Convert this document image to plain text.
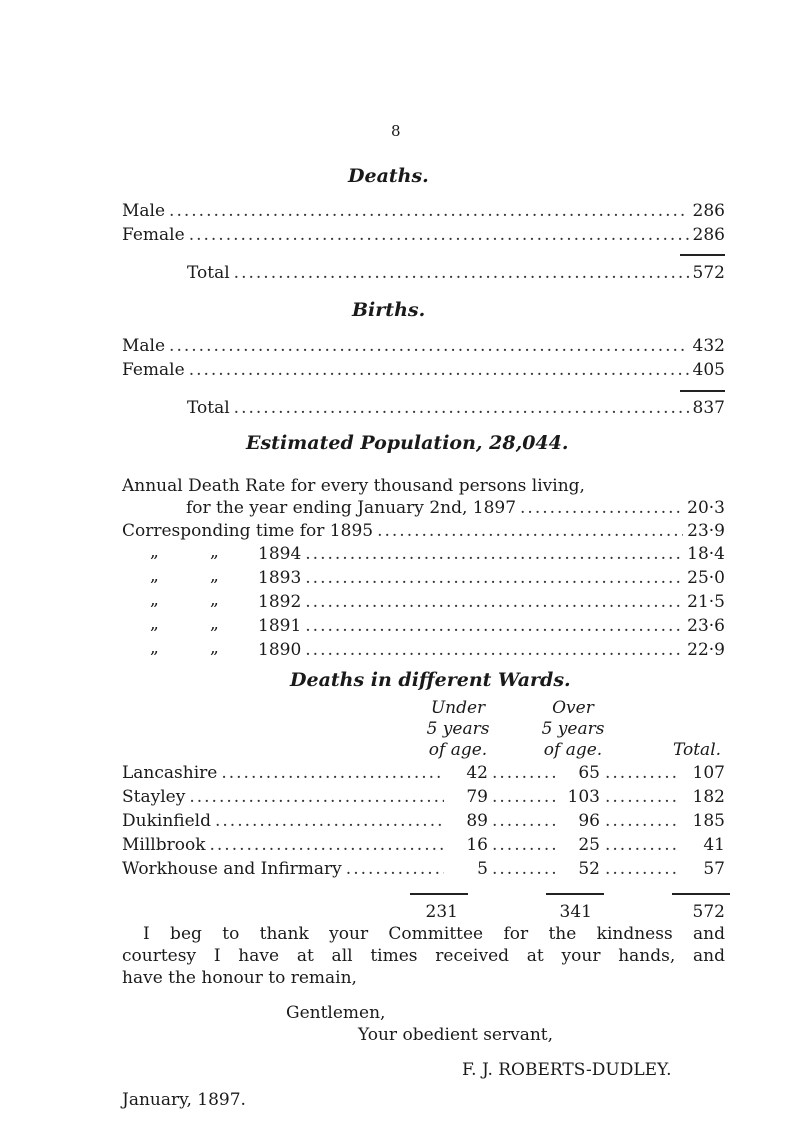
8
Deaths.
Male .....	286
Female .....	286
Total .....	572
Births.
Male .....	432
Female .....	405
Total .....	837
Estimated Population, 28,044.
Annual Death Rate for every thousand persons living,
for the year ending January 2nd, 1897 .....	20·3
Corresponding time for 1895 .....	23·9
„	„ 1894 .....	18·4
„	„ 1893 .....	25·0
„	„ 1892 .....	21·5
„	„ 1891 .....	23·6
„	„ 1890 .....	22·9
Deaths in different Wards.
Under
5 years
of age.
Over
5 years
of age.	Total.
Lancashire .....	42 .....	65 .....	107
Stayley .....	79 .....	103 .....	182
Dukinfield .....	89 .....	96 .....	185
Millbrook .....	16 .....	25 .....	41
Workhouse and Infirmary .....	5 .....	52 .....	57
231	341	572
I beg to thank your Committee for the kindness and
courtesy I have at all times received at your hands, and
have the honour to remain,
Gentlemen,
Your obedient servant,
F. J. ROBERTS-DUDLEY.
January, 1897.
